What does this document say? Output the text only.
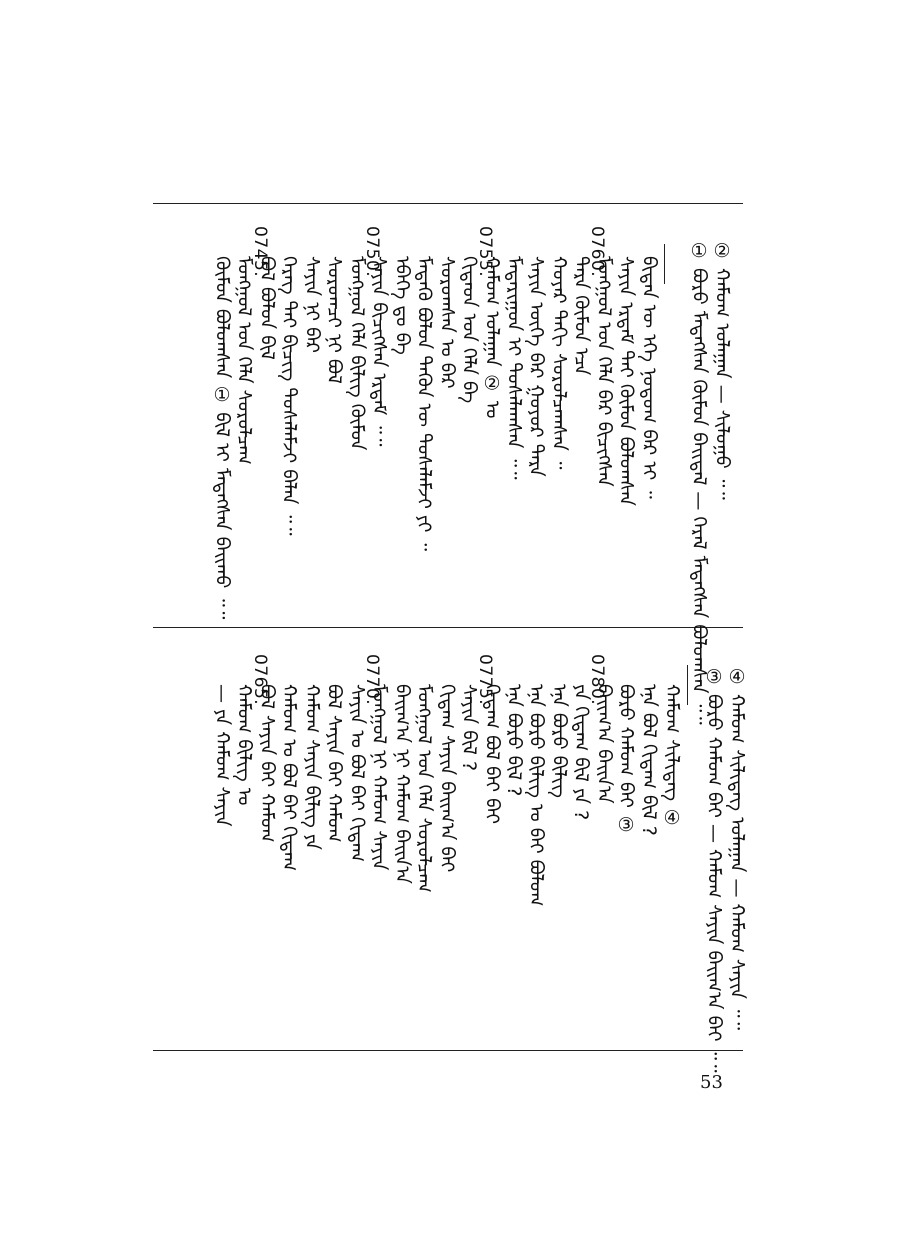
② ᠬᠠᠮᠤᠭ ᠤᠯᠠᠭᠠᠨ — ᠰᠢᠯᠤᠭᠤ ᠃᠃
① ᠪᠤᠷᠤ ᠮᠡᠳᠡᠭᠰᠡᠨ ᠬᠦᠮᠦᠨ ᠪᠠᠢᠳᠠᠯ — ᠭᠡᠷᠡᠯ ᠮᠡᠳᠡᠭᠰᠡᠨ ᠪᠣᠯᠤᠭᠰᠠᠨ ᠃᠃
ᠪᠢᠳᠡᠨ ᠦ ᠡᠬᠡ ᠨᠤᠲᠤᠭ ᠪᠡᠷ ᠢ ᠃
ᠰᠠᠶᠢᠨ ᠡᠷᠳᠡᠮ ᠲᠠᠢ ᠬᠦᠮᠦᠨ ᠪᠤᠯᠤᠭᠰᠠᠨ
0760.
ᠮᠣᠩᠭᠣᠯ ᠤᠨ ᠬᠡᠯᠡ ᠪᠡᠷ ᠪᠢᠴᠢᠭᠰᠡᠨ
ᠲᠡᠷᠡ ᠬᠦᠮᠦᠨ ᠡᠴᠡ
ᠬᠣᠶᠠᠷ ᠳᠠᠬᠢ ᠰᠤᠷᠤᠯᠴᠠᠭᠰᠠᠨ ᠃
ᠰᠠᠶᠢᠨ ᠦᠭᠡ ᠪᠠᠷ ᠭᠤᠶᠤᠷ ᠲᠡᠷᠡ
ᠮᠠᠲᠠᠷᠢᠭᠤᠨ ᠢ ᠲᠤᠰᠠᠯᠠᠭᠰᠠᠨ ᠃᠃
0755.
ᠬᠠᠮᠤᠭ ᠤᠯᠠᠭᠠᠨ ② ᠤ
ᠬᠢᠲᠠᠳ ᠤᠨ ᠬᠡᠯᠡ ᠪᠡ
ᠰᠤᠷᠤᠭᠰᠠᠨ ᠤ ᠪᠠᠷ
ᠮᠡᠳᠡᠬᠦ ᠪᠤᠯᠤᠨ ᠲᠡᠭᠦᠨ ᠦ ᠲᠤᠰᠠᠯᠠᠮᠵᠢ ᠶᠢ ᠃
ᠡᠪᠡᠭᠡ ᠳᠤ ᠪᠡ
0750.
ᠰᠠᠶᠢᠨ ᠪᠢᠴᠢᠭᠰᠡᠨ ᠡᠷᠳᠡᠮ ᠃᠃
ᠮᠣᠩᠭᠣᠯ ᠬᠡᠯᠡ ᠪᠢᠯᠢᠭ ᠬᠦᠮᠦᠨ
ᠰᠤᠷᠤᠭᠴᠢ ᠨᠢ ᠪᠤᠯ
ᠰᠠᠶᠢᠨ ᠨᠢ ᠪᠠᠷ
ᠬᠡᠷᠡᠭ ᠲᠡᠢ ᠪᠢᠴᠢᠭ ᠲᠤᠰᠠᠯᠠᠮᠵᠢ ᠪᠡᠯᠡᠨ ᠃᠃
0745.
ᠪᠣᠯ ᠪᠤᠯᠤᠨ ᠪᠢᠯ
ᠮᠣᠩᠭᠣᠯ ᠤᠨ ᠬᠡᠯᠡ ᠰᠤᠷᠤᠯᠴᠠᠭ
ᠬᠦᠮᠦᠨ ᠪᠣᠯᠤᠭᠰᠠᠨ ① ᠪᠢᠯ ᠢ ᠮᠡᠳᠡᠭᠰᠡᠨ ᠪᠠᠢᠬᠤ ᠃᠃
④ ᠬᠠᠮᠤᠭ ᠰᠢᠯᠢᠳᠡᠭ ᠤᠯᠠᠭᠠᠨ — ᠬᠠᠮᠤᠭ ᠰᠠᠶᠢᠨ ᠃᠃
③ ᠪᠤᠷᠤ ᠬᠠᠮᠤᠭ ᠪᠠᠢ — ᠬᠠᠮᠤᠭ ᠰᠠᠶᠢᠨ ᠪᠠᠢᠭ᠎ᠠ ᠪᠠᠢ ᠃᠃
ᠬᠠᠮᠤᠭ ᠰᠢᠯᠢᠳᠡᠭ ④
ᠡᠨᠡ ᠪᠣᠯ ᠬᠢᠳᠠᠭ ᠪᠢᠯ ?
ᠪᠤᠷᠤ ᠬᠠᠮᠤᠭ ᠪᠠᠢ ③
0780.
ᠪᠠᠢᠭ᠎ᠠ ᠪᠠᠢᠨ᠎ᠠ
ᠶᠠ ᠬᠢᠳᠠᠭ ᠪᠢᠯ ᠶᠠ ?
ᠡᠨᠡ ᠪᠤᠷᠤ ᠪᠢᠯᠢᠭ
ᠡᠨᠡ ᠪᠤᠷᠤ ᠪᠢᠯᠢᠭ ᠤ ᠪᠠᠢ ᠪᠤᠯᠤᠭ
ᠡᠨᠡ ᠪᠤᠷᠤ ᠪᠢᠯ ?
0775.
ᠬᠢᠳᠠᠭ ᠪᠣᠯ ᠪᠠᠢ ᠪᠠᠢ
ᠰᠠᠶᠢᠨ ᠪᠢᠯ ?
ᠬᠢᠳᠠᠭ ᠰᠠᠶᠢᠨ ᠪᠠᠢᠭ᠎ᠠ ᠪᠠᠢ
ᠮᠣᠩᠭᠣᠯ ᠤᠨ ᠬᠡᠯᠡ ᠰᠤᠷᠤᠯᠴᠠᠭ
ᠪᠠᠢᠭ᠎ᠠ ᠨᠢ ᠬᠠᠮᠤᠭ ᠪᠠᠢᠨ᠎ᠠ
0770.
ᠮᠣᠩᠭᠣᠯ ᠨᠢ ᠬᠠᠮᠤᠭ ᠰᠠᠶᠢᠨ
ᠰᠠᠶᠢᠨ ᠤ ᠪᠣᠯ ᠪᠠᠢ ᠬᠢᠳᠠᠭ
ᠪᠣᠯ ᠰᠠᠶᠢᠨ ᠪᠠᠢ ᠬᠠᠮᠤᠭ
ᠬᠠᠮᠤᠭ ᠰᠠᠶᠢᠨ ᠪᠢᠯᠢᠭ ᠶᠠ
ᠬᠠᠮᠤᠭ ᠤ ᠪᠣᠯ ᠪᠠᠢ ᠬᠢᠳᠠᠭ
0765.
ᠪᠣᠯ ᠰᠠᠶᠢᠨ ᠪᠠᠢ ᠬᠠᠮᠤᠭ
ᠬᠠᠮᠤᠭ ᠪᠢᠯᠢᠭ ᠤ
— ᠶᠠ ᠬᠠᠮᠤᠭ ᠰᠠᠶᠢᠨ
53
